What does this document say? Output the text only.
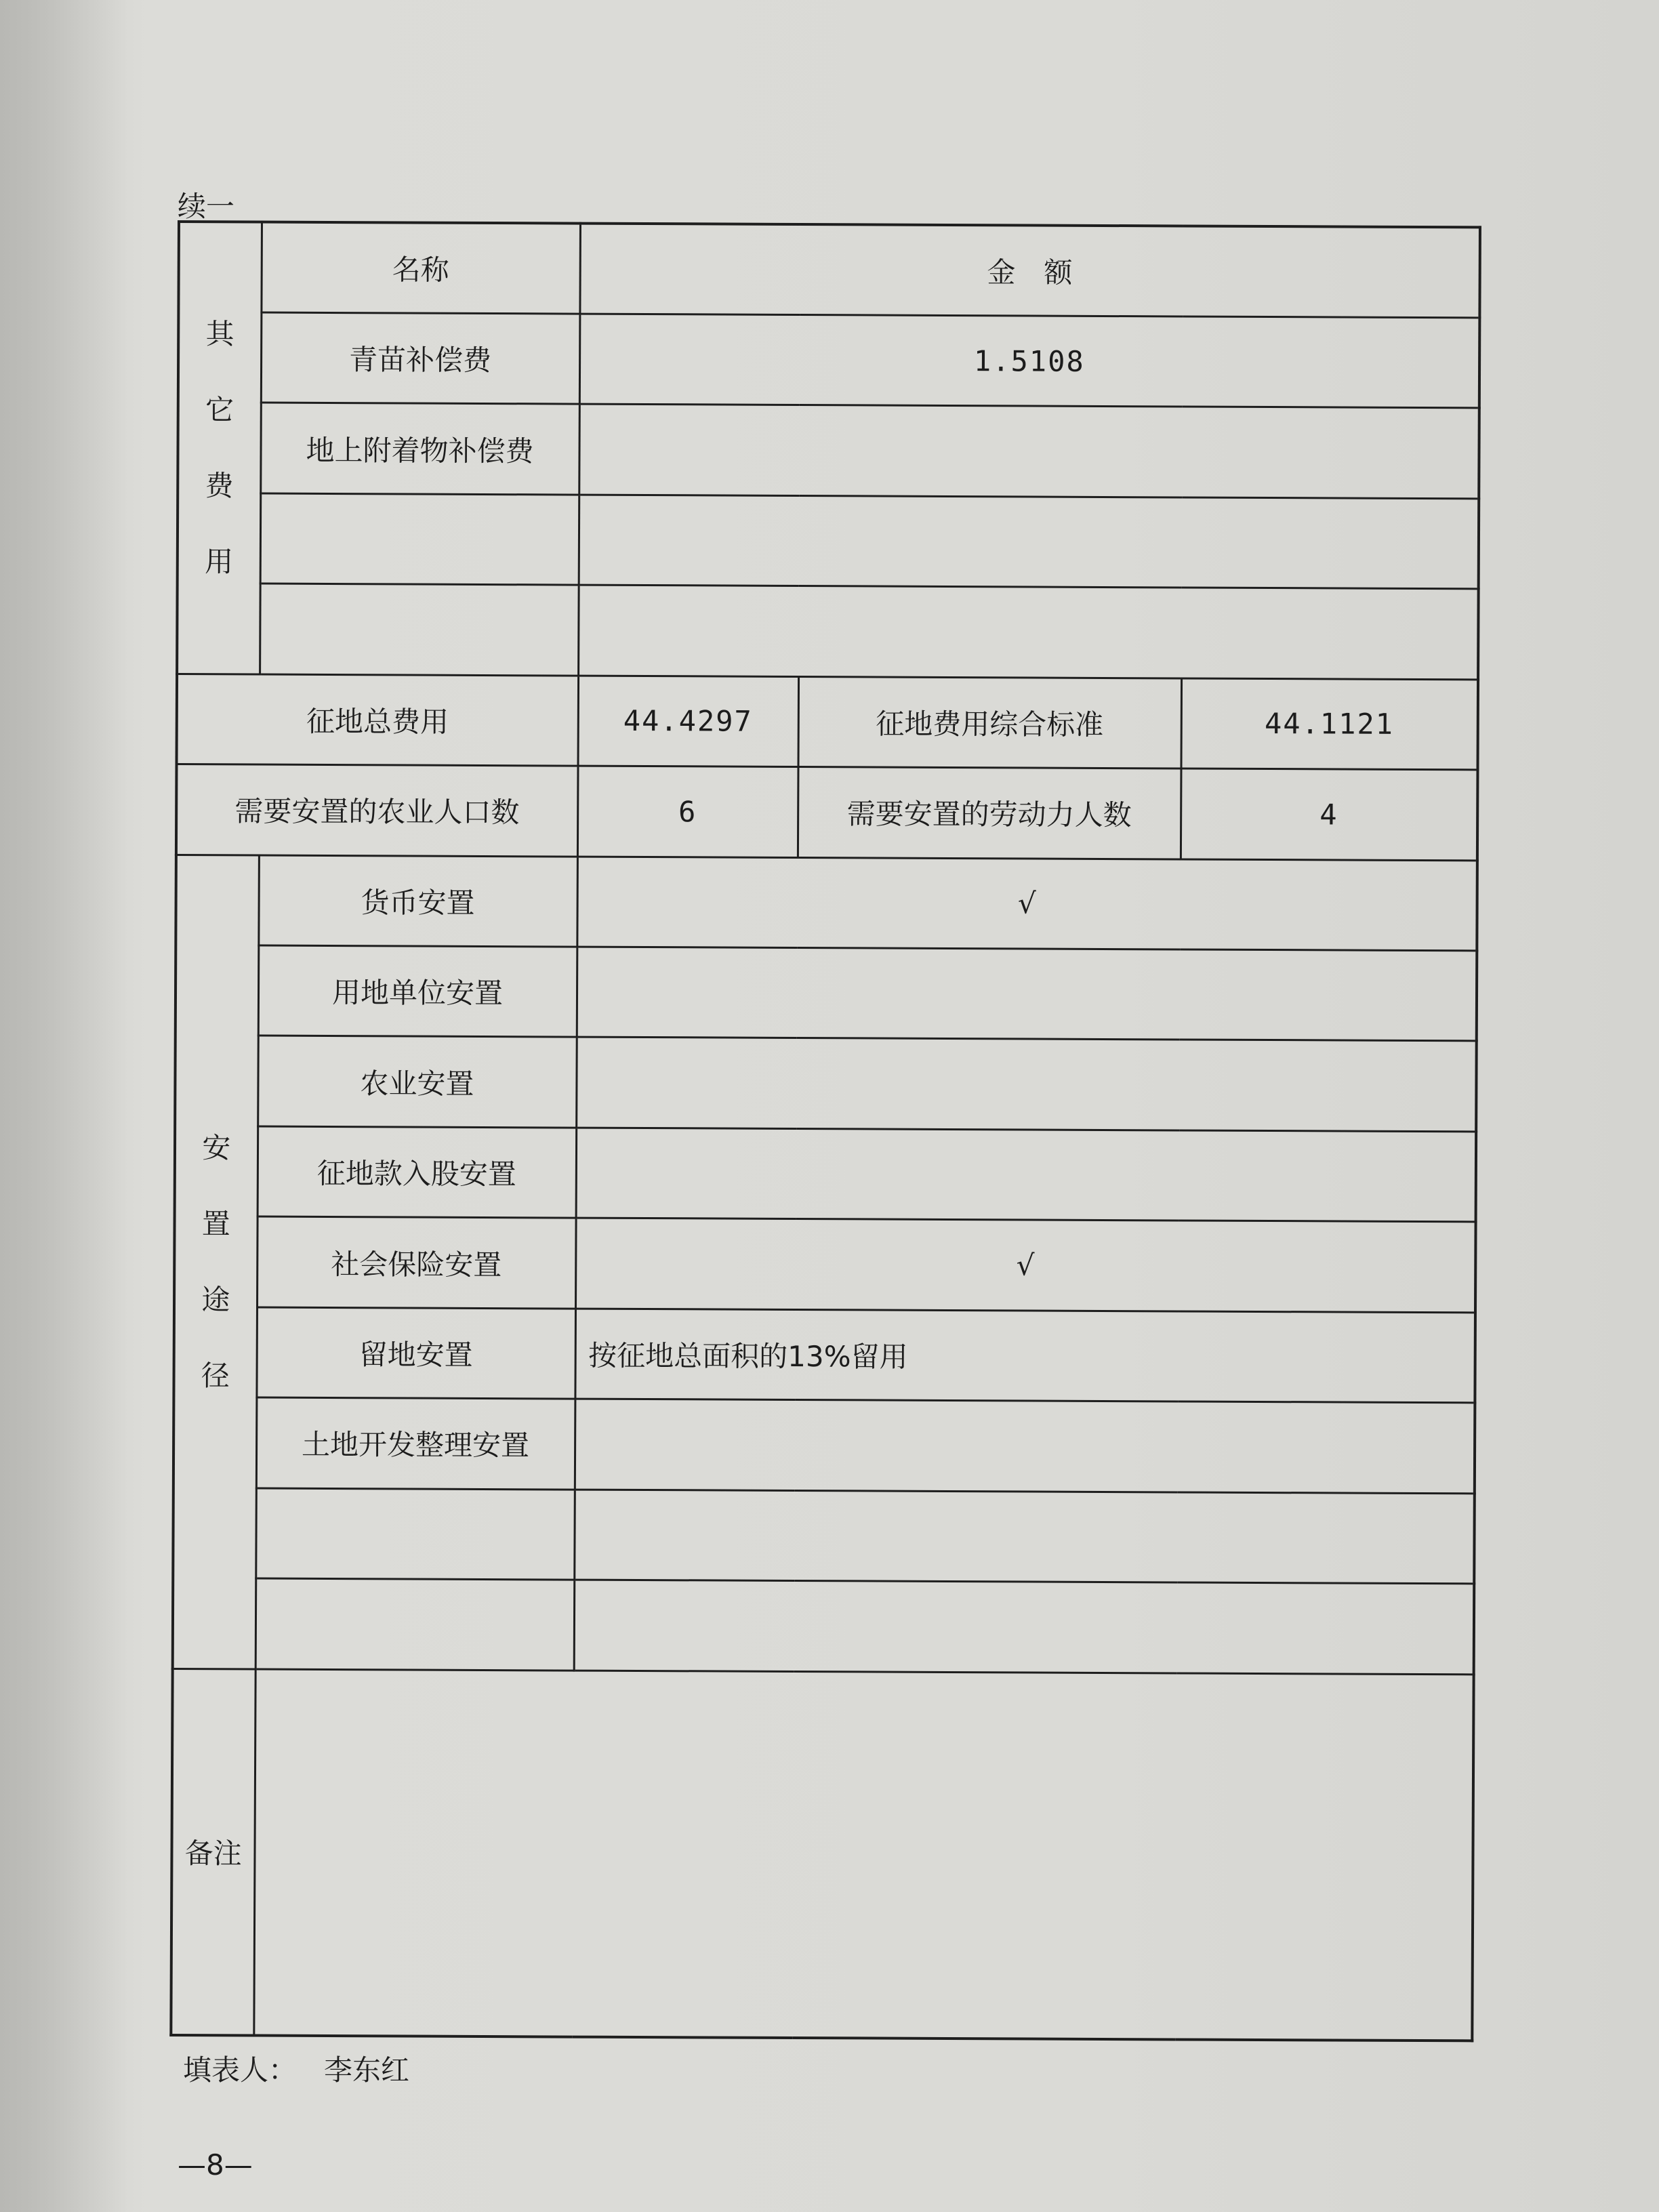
续一
其
它
费
用	名称	金　额		
	青苗补偿费	1.5108		
	地上附着物补偿费			

征地总费用		44.4297	征地费用综合标准	44.1121
需要安置的农业人口数		6	需要安置的劳动力人数	4

安
置
途
径	货币安置	√		
	用地单位安置			
	农业安置			
	征地款入股安置			
	社会保险安置	√		
	留地安置	按征地总面积的13%留用		
	土地开发整理安置			

备注				
填表人： 李东红
—8—
